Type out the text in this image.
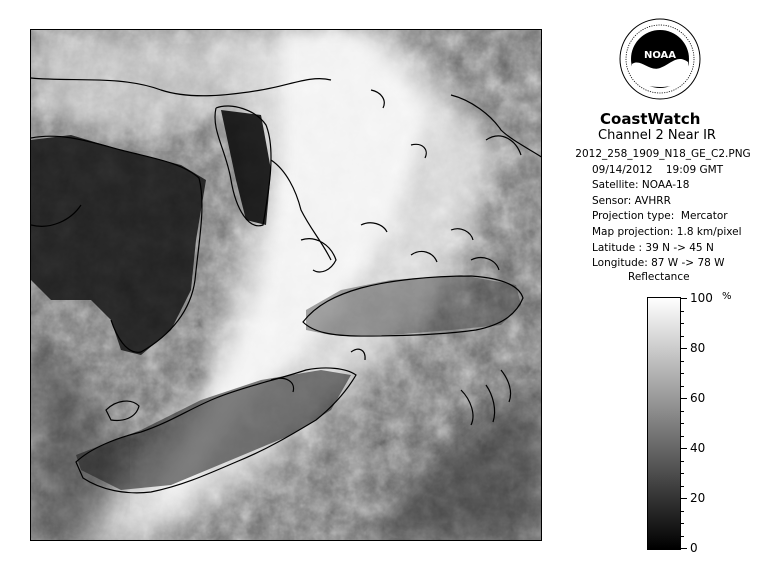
NOAA
CoastWatch
Channel 2 Near IR
2012_258_1909_N18_GE_C2.PNG
09/14/2012    19:09 GMT
Satellite: NOAA-18
Sensor: AVHRR
Projection type:  Mercator
Map projection: 1.8 km/pixel
Latitude : 39 N -> 45 N
Longitude: 87 W -> 78 W
Reflectance
%
100
80
60
40
20
0
